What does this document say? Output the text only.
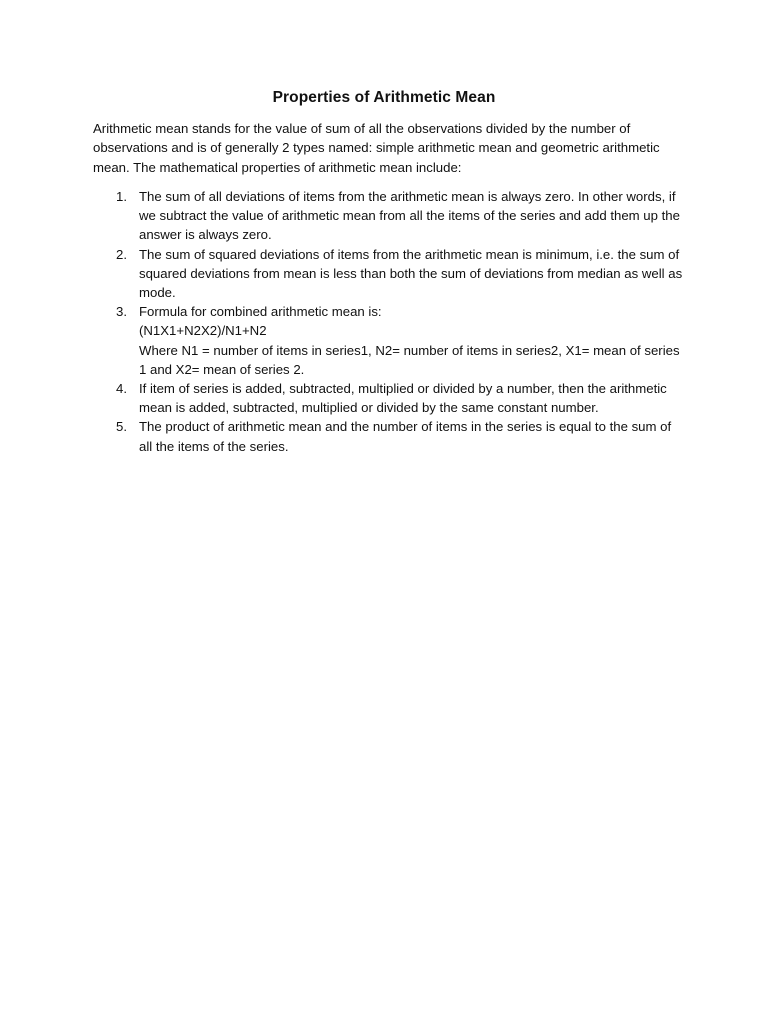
Properties of Arithmetic Mean

Arithmetic mean stands for the value of sum of all the observations divided by the number of observations and is of generally 2 types named: simple arithmetic mean and geometric arithmetic mean. The mathematical properties of arithmetic mean include:

1. The sum of all deviations of items from the arithmetic mean is always zero. In other words, if we subtract the value of arithmetic mean from all the items of the series and add them up the answer is always zero.
2. The sum of squared deviations of items from the arithmetic mean is minimum, i.e. the sum of squared deviations from mean is less than both the sum of deviations from median as well as mode.
3. Formula for combined arithmetic mean is:
(N1X1+N2X2)/N1+N2
Where N1 = number of items in series1, N2= number of items in series2, X1= mean of series 1 and X2= mean of series 2.
4. If item of series is added, subtracted, multiplied or divided by a number, then the arithmetic mean is added, subtracted, multiplied or divided by the same constant number.
5. The product of arithmetic mean and the number of items in the series is equal to the sum of all the items of the series.
